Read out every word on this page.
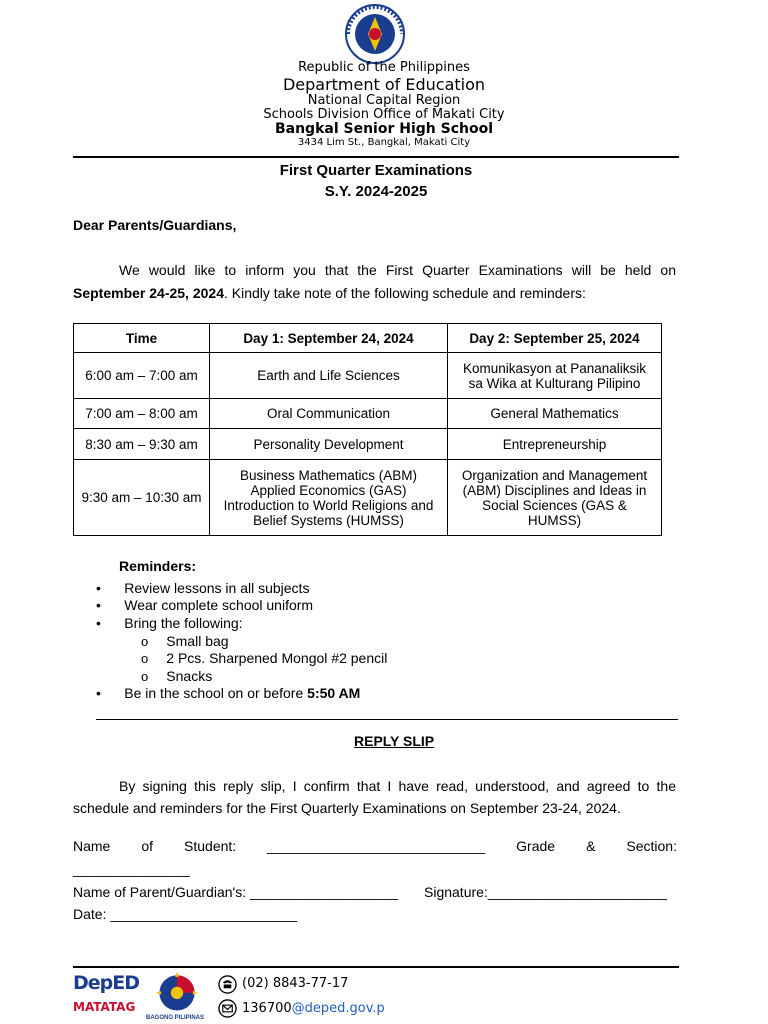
Republic of the Philippines
Department of Education
National Capital Region
Schools Division Office of Makati City
Bangkal Senior High School
3434 Lim St., Bangkal, Makati City
First Quarter Examinations
S.Y. 2024-2025
Dear Parents/Guardians,
We would like to inform you that the First Quarter Examinations will be held on
September 24-25, 2024. Kindly take note of the following schedule and reminders:
Time	Day 1: September 24, 2024	Day 2: September 25, 2024
6:00 am – 7:00 am	Earth and Life Sciences	Komunikasyon at Pananaliksik sa Wika at Kulturang Pilipino
7:00 am – 8:00 am	Oral Communication	General Mathematics
8:30 am – 9:30 am	Personality Development	Entrepreneurship
9:30 am – 10:30 am	Business Mathematics (ABM) Applied Economics (GAS) Introduction to World Religions and Belief Systems (HUMSS)	Organization and Management (ABM) Disciplines and Ideas in Social Sciences (GAS & HUMSS)
Reminders:
•      Review lessons in all subjects
•      Wear complete school uniform
•      Bring the following:
o     Small bag
o     2 Pcs. Sharpened Mongol #2 pencil
o     Snacks
•      Be in the school on or before 5:50 AM
REPLY SLIP
By signing this reply slip, I confirm that I have read, understood, and agreed to the
schedule and reminders for the First Quarterly Examinations on September 23-24, 2024.
Name of Student: ____________________________ Grade & Section:
_______________
Name of Parent/Guardian's: ___________________ Signature:_______________________
Date: ________________________
DepED
MATATAG
BAGONG PILIPINAS
(02) 8843-77-17
136700@deped.gov.p
